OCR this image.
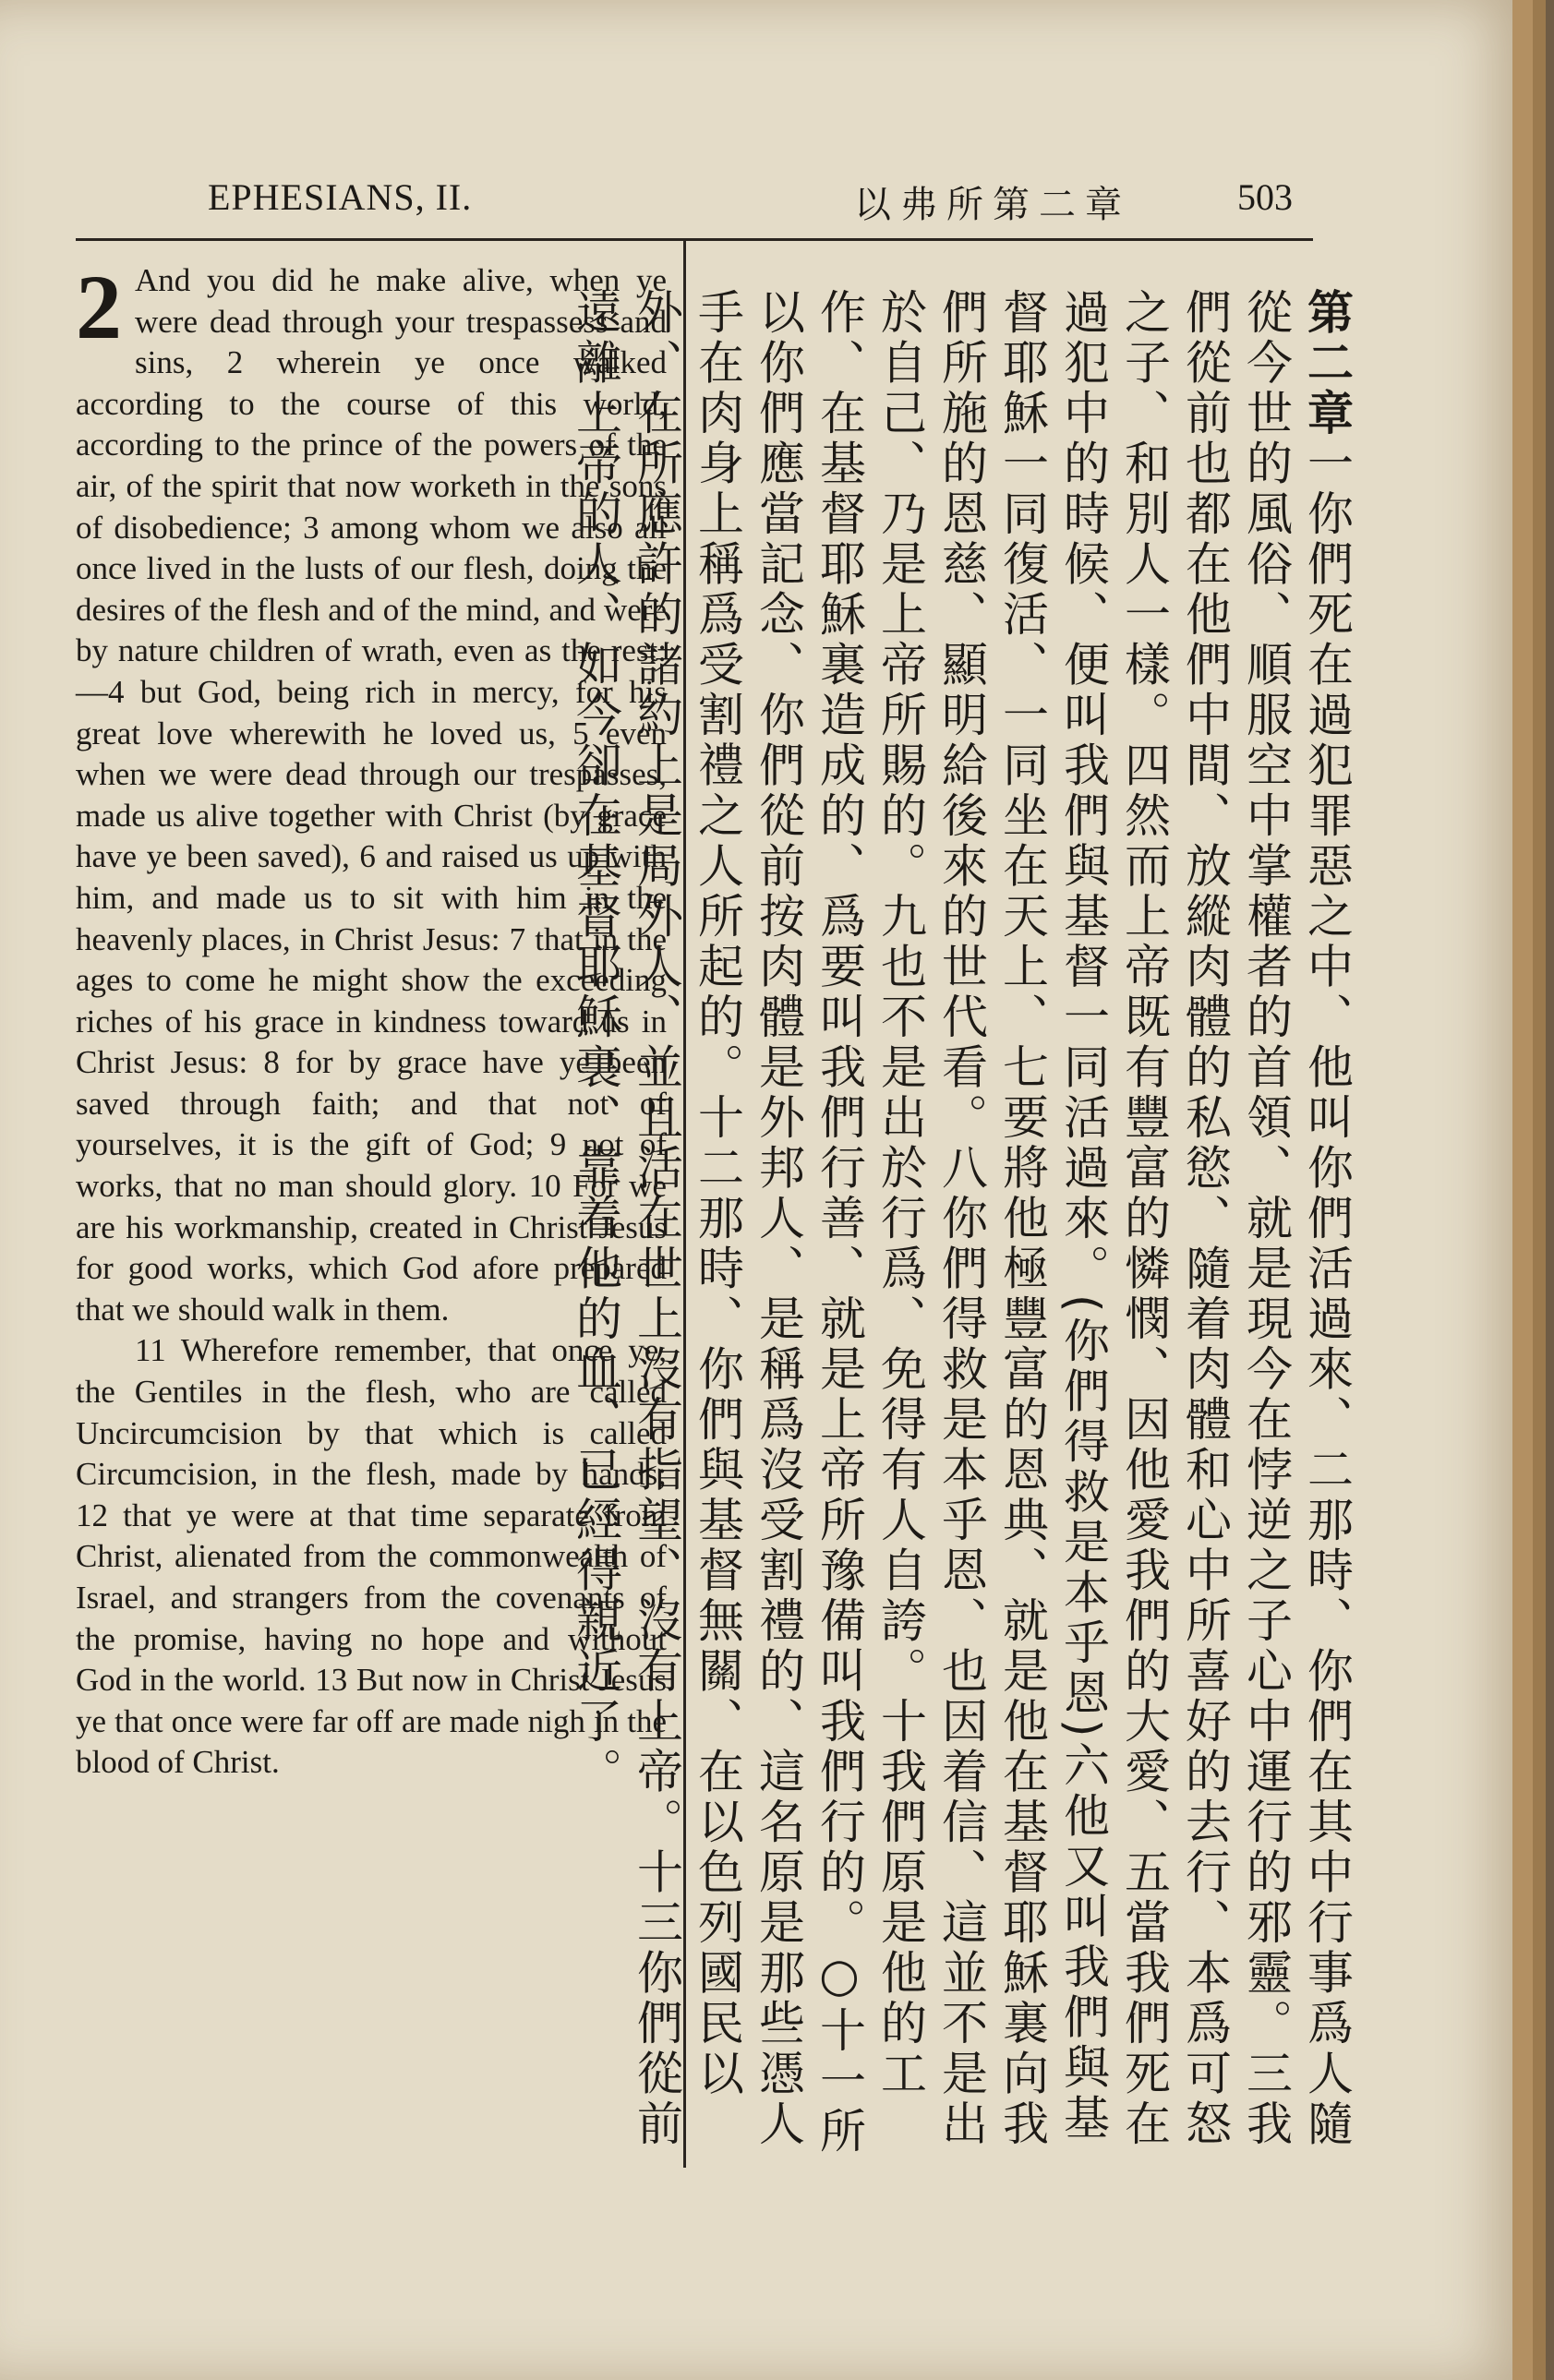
EPHESIANS, II.	以弗所第二章	503

2 And you did he make alive, when ye were dead through your trespassess and sins, 2 wherein ye once walked according to the course of this world, according to the prince of the powers of the air, of the spirit that now worketh in the sons of disobedience; 3 among whom we also all once lived in the lusts of our flesh, doing the desires of the flesh and of the mind, and were by nature children of wrath, even as the rest:—4 but God, being rich in mercy, for his great love wherewith he loved us, 5 even when we were dead through our trespasses, made us alive together with Christ (by grace have ye been saved), 6 and raised us up with him, and made us to sit with him in the heavenly places, in Christ Jesus: 7 that in the ages to come he might show the exceeding riches of his grace in kindness toward us in Christ Jesus: 8 for by grace have ye been saved through faith; and that not of yourselves, it is the gift of God; 9 not of works, that no man should glory. 10 For we are his workmanship, created in Christ Jesus for good works, which God afore prepared that we should walk in them.

11 Wherefore remember, that once ye, the Gentiles in the flesh, who are called Uncircumcision by that which is called Circumcision, in the flesh, made by hands; 12 that ye were at that time separate from Christ, alienated from the commonwealth of Israel, and strangers from the covenants of the promise, having no hope and without God in the world. 13 But now in Christ Jesus ye that once were far off are made nigh in the blood of Christ.

第二章一你們死在過犯罪惡之中、他叫你們活過來、二那時、你們在其中行事爲人隨從今世的風俗、順服空中掌權者的首領、就是現今在悖逆之子心中運行的邪靈。三我們從前也都在他們中間、放縱肉體的私慾、隨着肉體和心中所喜好的去行、本爲可怒之子、和別人一樣。四然而上帝既有豐富的憐憫、因他愛我們的大愛、五當我們死在過犯中的時候、便叫我們與基督一同活過來。(你們得救是本乎恩)六他又叫我們與基督耶穌一同復活、一同坐在天上、七要將他極豐富的恩典、就是他在基督耶穌裏向我們所施的恩慈、顯明給後來的世代看。八你們得救是本乎恩、也因着信、這並不是出於自己、乃是上帝所賜的。九也不是出於行爲、免得有人自誇。十我們原是他的工作、在基督耶穌裏造成的、爲要叫我們行善、就是上帝所豫備叫我們行的。○十一所以你們應當記念、你們從前按肉體是外邦人、是稱爲沒受割禮的、這名原是那些憑人手在肉身上稱爲受割禮之人所起的。十二那時、你們與基督無關、在以色列國民以外、在所應許的諸約上是局外人、並且活在世上沒有指望、沒有上帝。十三你們從前遠離上帝的人、如今卻在基督耶穌裏、靠着他的血、已經得親近了。
